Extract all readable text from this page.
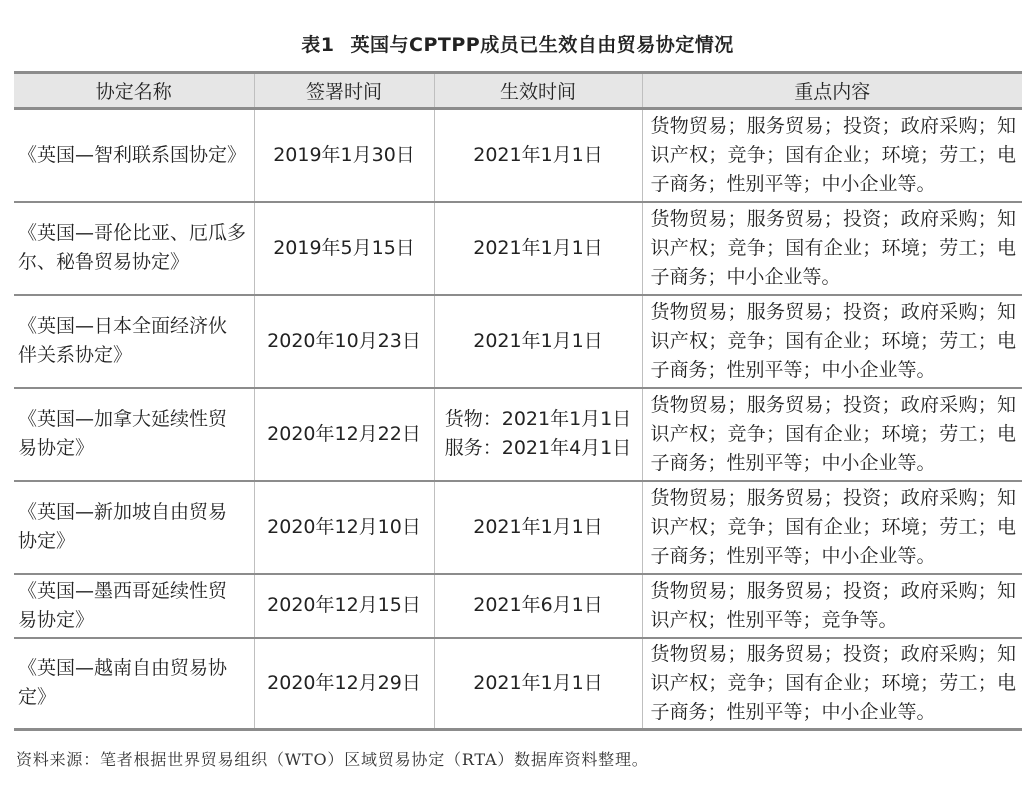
表1 英国与CPTPP成员已生效自由贸易协定情况
协定名称	签署时间	生效时间	重点内容

《英国—智利联系国协定》	2019年1月30日	2021年1月1日	货物贸易；服务贸易；投资；政府采购；知识产权；竞争；国有企业；环境；劳工；电子商务；性别平等；中小企业等。

《英国—哥伦比亚、厄瓜多
尔、秘鲁贸易协定》	2019年5月15日	2021年1月1日	货物贸易；服务贸易；投资；政府采购；知识产权；竞争；国有企业；环境；劳工；电子商务；中小企业等。

《英国—日本全面经济伙
伴关系协定》	2020年10月23日	2021年1月1日	货物贸易；服务贸易；投资；政府采购；知识产权；竞争；国有企业；环境；劳工；电子商务；性别平等；中小企业等。

《英国—加拿大延续性贸
易协定》	2020年12月22日	货物：2021年1月1日
服务：2021年4月1日	货物贸易；服务贸易；投资；政府采购；知识产权；竞争；国有企业；环境；劳工；电子商务；性别平等；中小企业等。

《英国—新加坡自由贸易
协定》	2020年12月10日	2021年1月1日	货物贸易；服务贸易；投资；政府采购；知识产权；竞争；国有企业；环境；劳工；电子商务；性别平等；中小企业等。

《英国—墨西哥延续性贸
易协定》	2020年12月15日	2021年6月1日	货物贸易；服务贸易；投资；政府采购；知识产权；性别平等；竞争等。

《英国—越南自由贸易协
定》	2020年12月29日	2021年1月1日	货物贸易；服务贸易；投资；政府采购；知识产权；竞争；国有企业；环境；劳工；电子商务；性别平等；中小企业等。
资料来源：笔者根据世界贸易组织（WTO）区域贸易协定（RTA）数据库资料整理。
